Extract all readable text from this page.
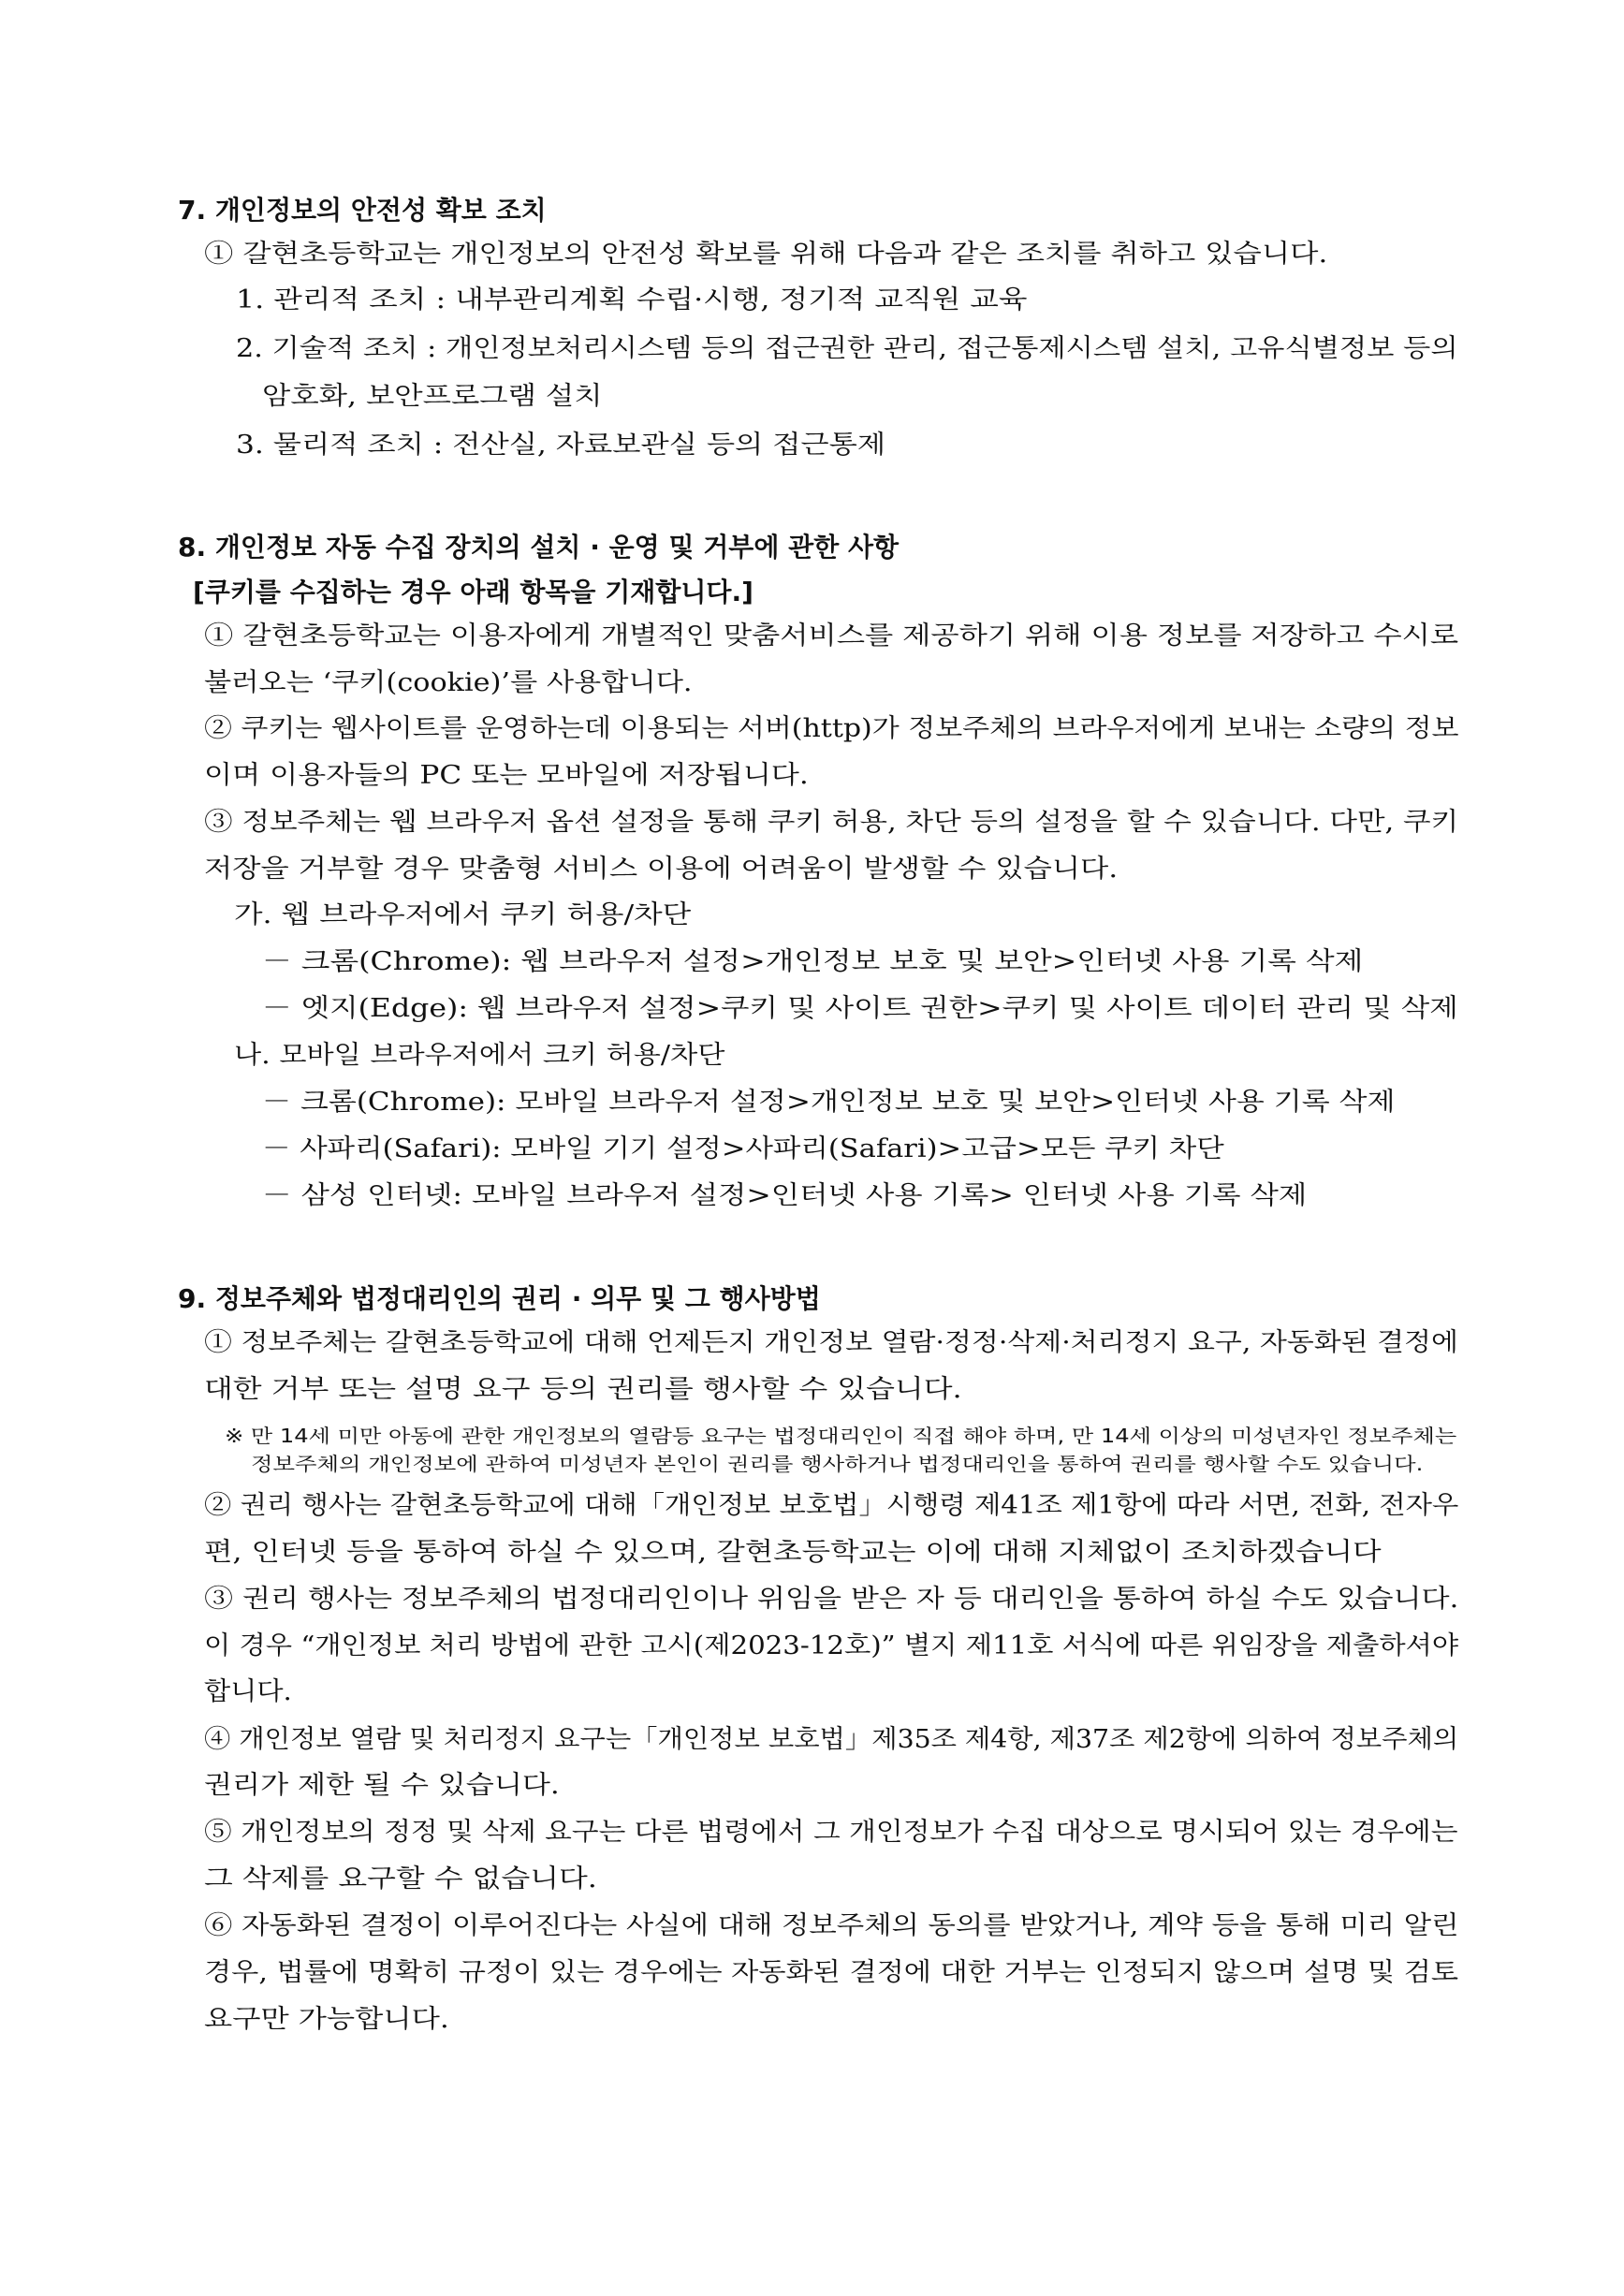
7. 개인정보의 안전성 확보 조치
① 갈현초등학교는 개인정보의 안전성 확보를 위해 다음과 같은 조치를 취하고 있습니다.
1. 관리적 조치 : 내부관리계획 수립·시행, 정기적 교직원 교육
2. 기술적 조치 : 개인정보처리시스템 등의 접근권한 관리, 접근통제시스템 설치, 고유식별정보 등의
암호화, 보안프로그램 설치
3. 물리적 조치 : 전산실, 자료보관실 등의 접근통제
8. 개인정보 자동 수집 장치의 설치 · 운영 및 거부에 관한 사항
[쿠키를 수집하는 경우 아래 항목을 기재합니다.]
① 갈현초등학교는 이용자에게 개별적인 맞춤서비스를 제공하기 위해 이용 정보를 저장하고 수시로
불러오는 ‘쿠키(cookie)’를 사용합니다.
② 쿠키는 웹사이트를 운영하는데 이용되는 서버(http)가 정보주체의 브라우저에게 보내는 소량의 정보
이며 이용자들의 PC 또는 모바일에 저장됩니다.
③ 정보주체는 웹 브라우저 옵션 설정을 통해 쿠키 허용, 차단 등의 설정을 할 수 있습니다. 다만, 쿠키
저장을 거부할 경우 맞춤형 서비스 이용에 어려움이 발생할 수 있습니다.
가. 웹 브라우저에서 쿠키 허용/차단
－ 크롬(Chrome): 웹 브라우저 설정>개인정보 보호 및 보안>인터넷 사용 기록 삭제
－ 엣지(Edge): 웹 브라우저 설정>쿠키 및 사이트 권한>쿠키 및 사이트 데이터 관리 및 삭제
나. 모바일 브라우저에서 크키 허용/차단
－ 크롬(Chrome): 모바일 브라우저 설정>개인정보 보호 및 보안>인터넷 사용 기록 삭제
－ 사파리(Safari): 모바일 기기 설정>사파리(Safari)>고급>모든 쿠키 차단
－ 삼성 인터넷: 모바일 브라우저 설정>인터넷 사용 기록> 인터넷 사용 기록 삭제
9. 정보주체와 법정대리인의 권리 · 의무 및 그 행사방법
① 정보주체는 갈현초등학교에 대해 언제든지 개인정보 열람·정정·삭제·처리정지 요구, 자동화된 결정에
대한 거부 또는 설명 요구 등의 권리를 행사할 수 있습니다.
※ 만 14세 미만 아동에 관한 개인정보의 열람등 요구는 법정대리인이 직접 해야 하며, 만 14세 이상의 미성년자인 정보주체는
정보주체의 개인정보에 관하여 미성년자 본인이 권리를 행사하거나 법정대리인을 통하여 권리를 행사할 수도 있습니다.
② 권리 행사는 갈현초등학교에 대해「개인정보 보호법」시행령 제41조 제1항에 따라 서면, 전화, 전자우
편, 인터넷 등을 통하여 하실 수 있으며, 갈현초등학교는 이에 대해 지체없이 조치하겠습니다
③ 권리 행사는 정보주체의 법정대리인이나 위임을 받은 자 등 대리인을 통하여 하실 수도 있습니다.
이 경우 “개인정보 처리 방법에 관한 고시(제2023-12호)” 별지 제11호 서식에 따른 위임장을 제출하셔야
합니다.
④ 개인정보 열람 및 처리정지 요구는「개인정보 보호법」제35조 제4항, 제37조 제2항에 의하여 정보주체의
권리가 제한 될 수 있습니다.
⑤ 개인정보의 정정 및 삭제 요구는 다른 법령에서 그 개인정보가 수집 대상으로 명시되어 있는 경우에는
그 삭제를 요구할 수 없습니다.
⑥ 자동화된 결정이 이루어진다는 사실에 대해 정보주체의 동의를 받았거나, 계약 등을 통해 미리 알린
경우, 법률에 명확히 규정이 있는 경우에는 자동화된 결정에 대한 거부는 인정되지 않으며 설명 및 검토
요구만 가능합니다.
